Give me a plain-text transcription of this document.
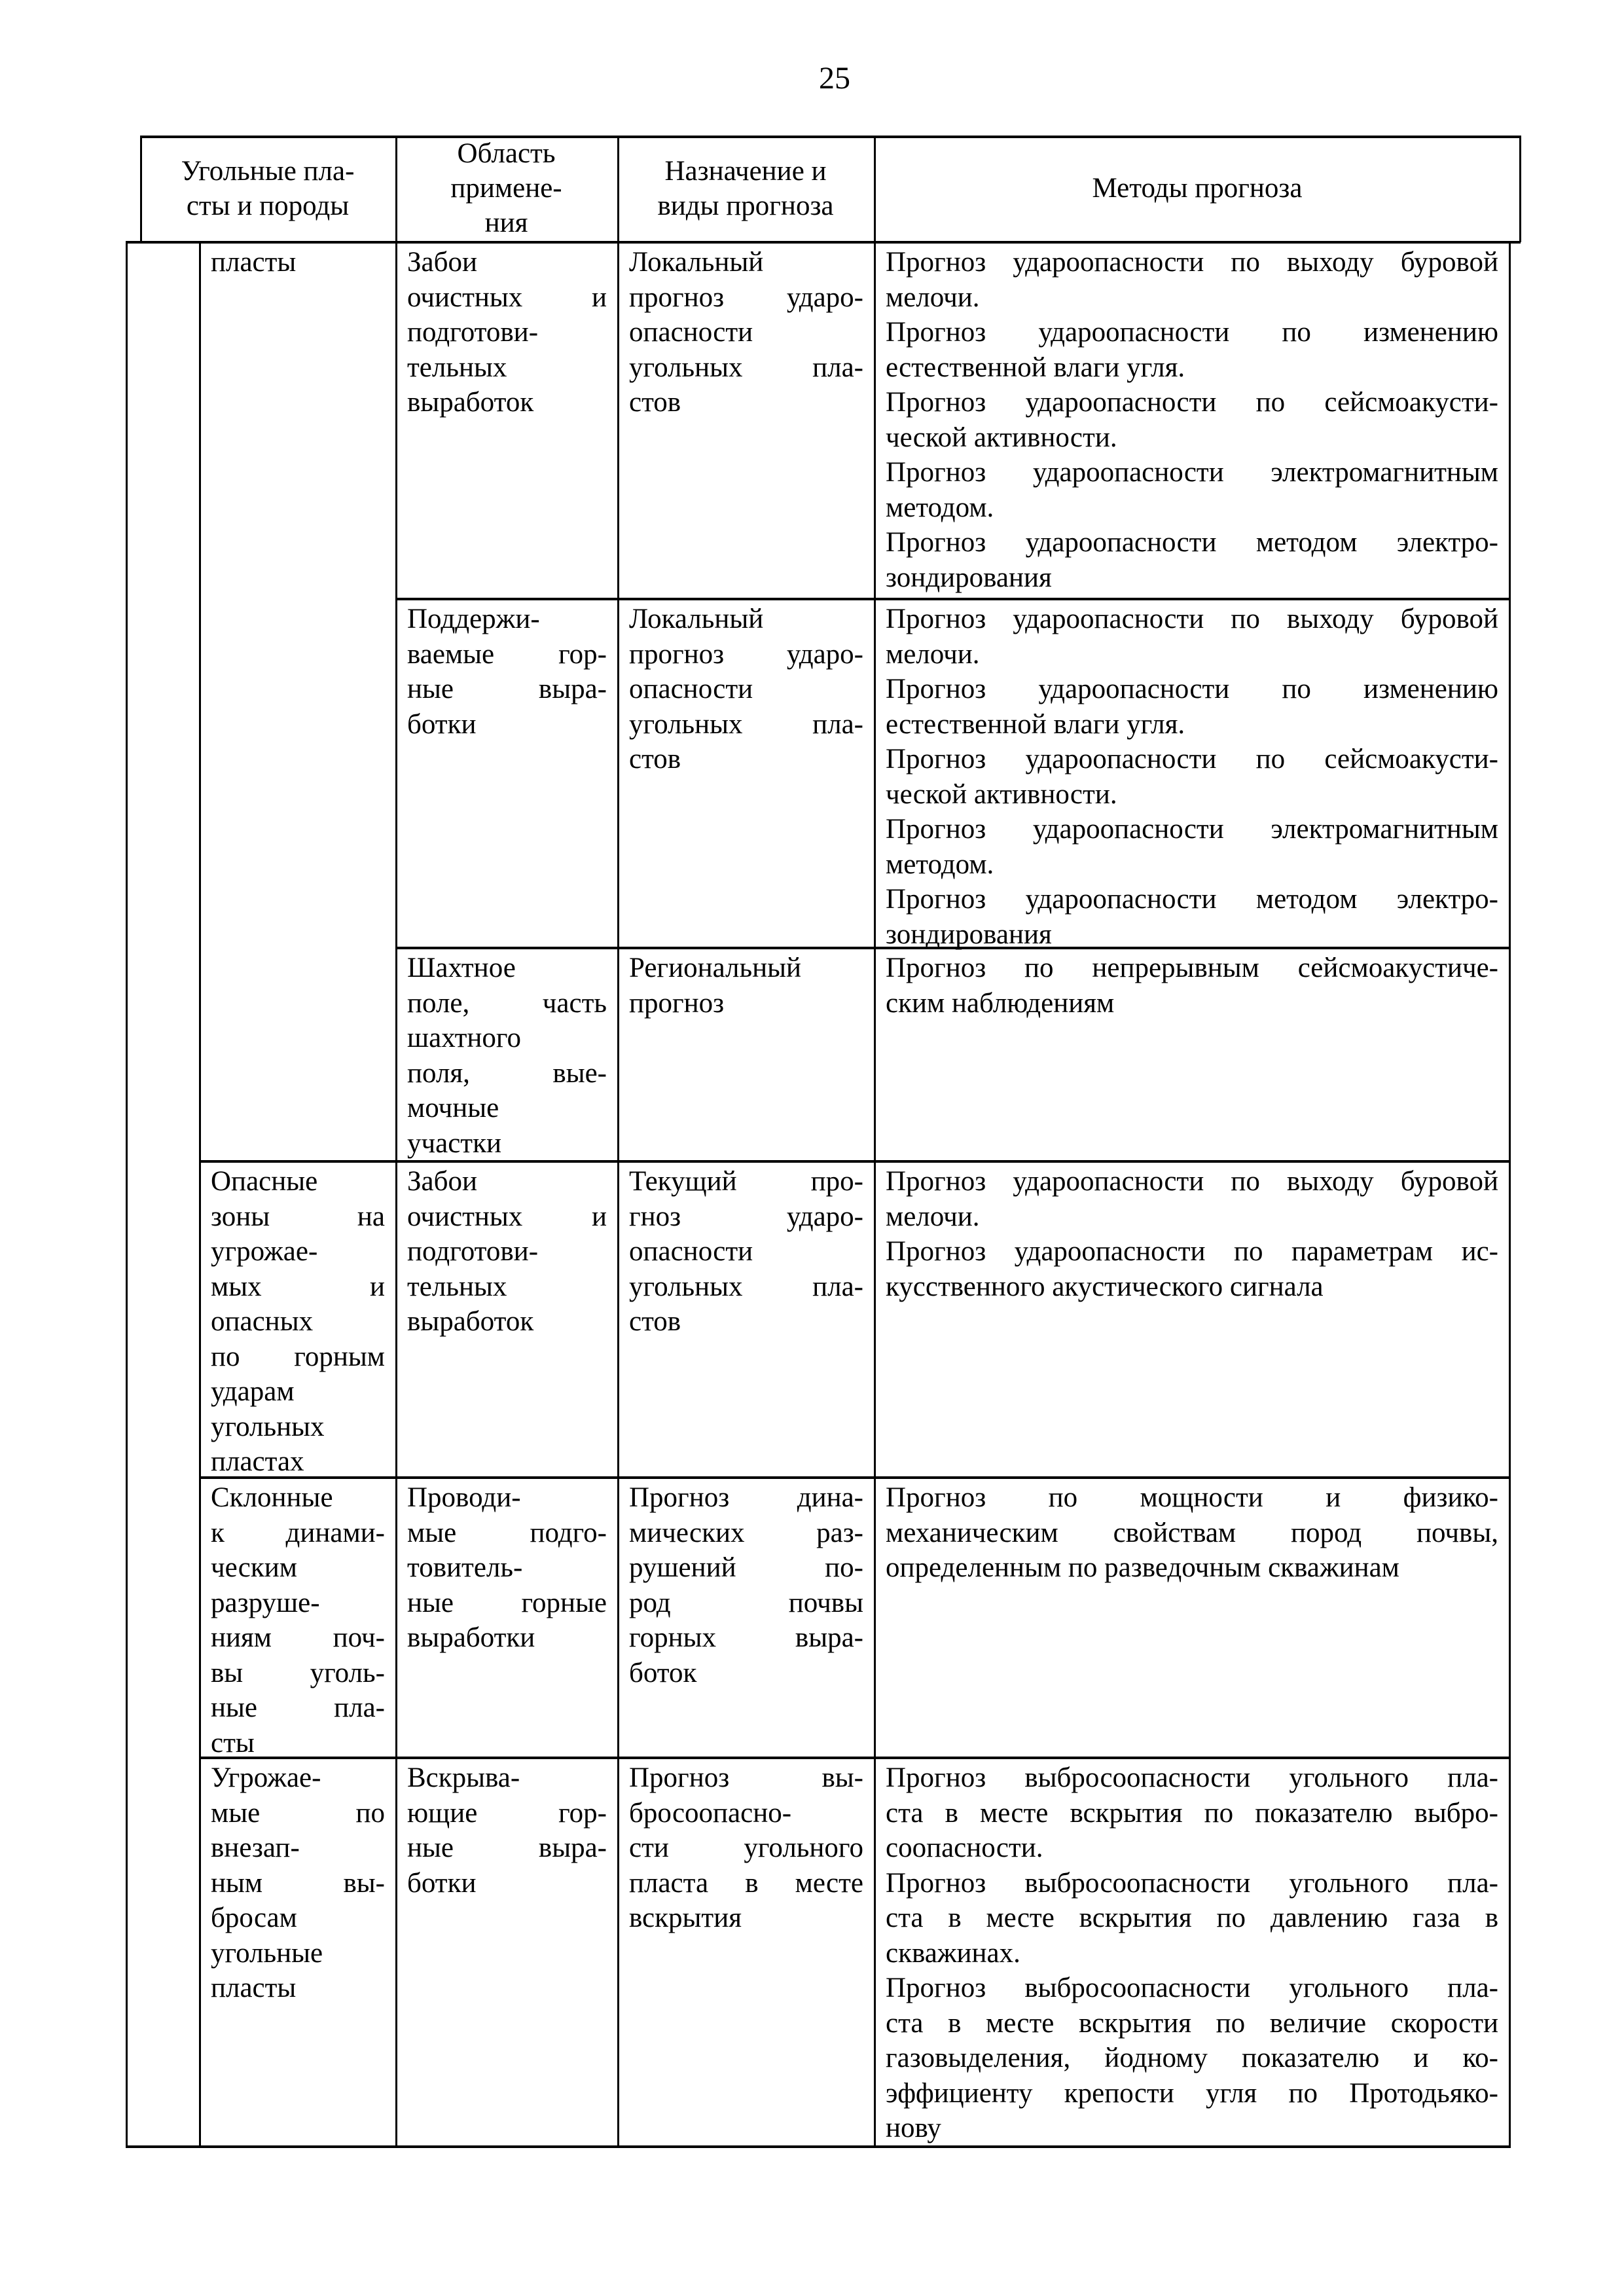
25
Угольные пла-
сты и породы
Область
примене-
ния
Назначение и
виды прогноза
Методы прогноза
пласты	Забои
очистных и
подготови-
тельных
выработок
Локальный
прогноз ударо-
опасности
угольных пла-
стов
Прогноз удароопасности по выходу буровой
мелочи.
Прогноз удароопасности по изменению
естественной влаги угля.
Прогноз удароопасности по сейсмоакусти-
ческой активности.
Прогноз удароопасности электромагнитным
методом.
Прогноз удароопасности методом электро-
зондирования
Поддержи-
ваемые гор-
ные выра-
ботки
Локальный
прогноз ударо-
опасности
угольных пла-
стов
Прогноз удароопасности по выходу буровой
мелочи.
Прогноз удароопасности по изменению
естественной влаги угля.
Прогноз удароопасности по сейсмоакусти-
ческой активности.
Прогноз удароопасности электромагнитным
методом.
Прогноз удароопасности методом электро-
зондирования
Шахтное
поле, часть
шахтного
поля, вые-
мочные
участки
Региональный
прогноз
Прогноз по непрерывным сейсмоакустиче-
ским наблюдениям
Опасные
зоны на
угрожае-
мых и
опасных
по горным
ударам
угольных
пластах
Забои
очистных и
подготови-
тельных
выработок
Текущий про-
гноз ударо-
опасности
угольных пла-
стов
Прогноз удароопасности по выходу буровой
мелочи.
Прогноз удароопасности по параметрам ис-
кусственного акустического сигнала
Склонные
к динами-
ческим
разруше-
ниям поч-
вы уголь-
ные пла-
сты
Проводи-
мые подго-
товитель-
ные горные
выработки
Прогноз дина-
мических раз-
рушений по-
род почвы
горных выра-
боток
Прогноз по мощности и физико-
механическим свойствам пород почвы,
определенным по разведочным скважинам
Угрожае-
мые по
внезап-
ным вы-
бросам
угольные
пласты
Вскрыва-
ющие гор-
ные выра-
ботки
Прогноз вы-
бросоопасно-
сти угольного
пласта в месте
вскрытия
Прогноз выбросоопасности угольного пла-
ста в месте вскрытия по показателю выбро-
соопасности.
Прогноз выбросоопасности угольного пла-
ста в месте вскрытия по давлению газа в
скважинах.
Прогноз выбросоопасности угольного пла-
ста в месте вскрытия по величие скорости
газовыделения, йодному показателю и ко-
эффициенту крепости угля по Протодьяко-
нову
